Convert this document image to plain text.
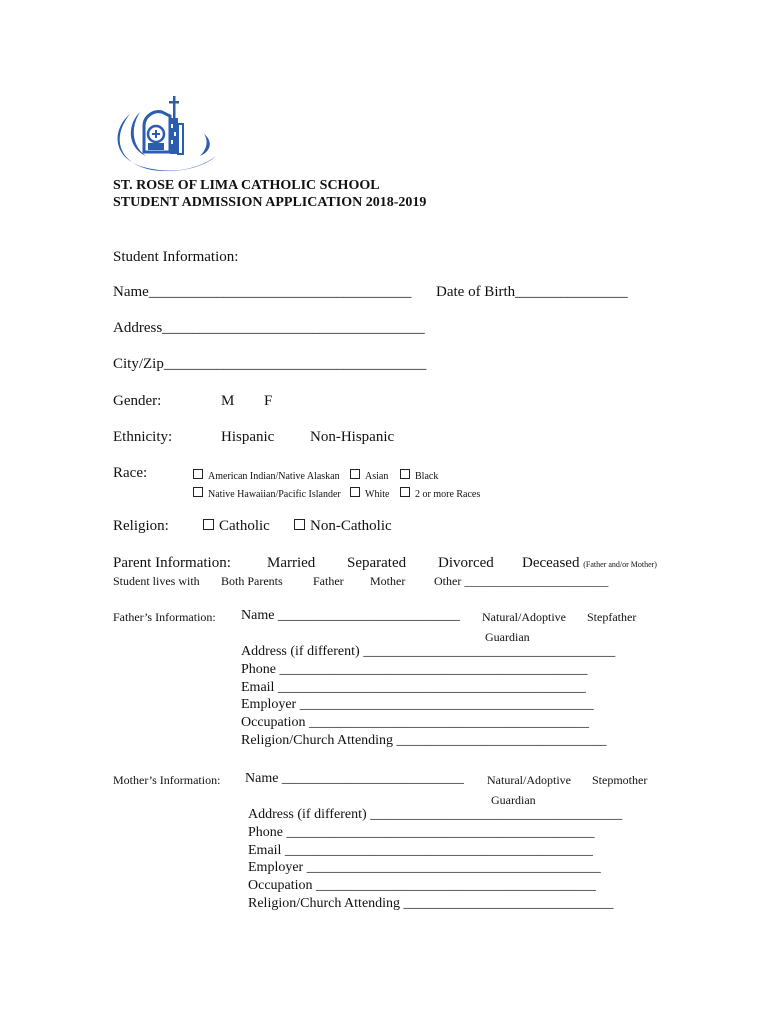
ST. ROSE OF LIMA CATHOLIC SCHOOL
STUDENT ADMISSION APPLICATION 2018-2019
Student Information:
Name___________________________________ Date of Birth_______________
Address___________________________________
City/Zip___________________________________
Gender:	M F
Ethnicity:	Hispanic Non-Hispanic
Race:	American Indian/Native Alaskan	Asian	Black
Native Hawaiian/Pacific Islander	White	2 or more Races
Religion:	Catholic	Non-Catholic
Parent Information: Married Separated Divorced Deceased (Father and/or Mother)
Student lives with Both Parents	Father Mother Other ________________________
Father’s Information: Name __________________________ Natural/Adoptive Stepfather
Guardian
Address (if different) ____________________________________
Phone ____________________________________________
Email ____________________________________________
Employer __________________________________________
Occupation ________________________________________
Religion/Church Attending ______________________________
Mother’s Information: Name __________________________ Natural/Adoptive Stepmother
Guardian
Address (if different) ____________________________________
Phone ____________________________________________
Email ____________________________________________
Employer __________________________________________
Occupation ________________________________________
Religion/Church Attending ______________________________
